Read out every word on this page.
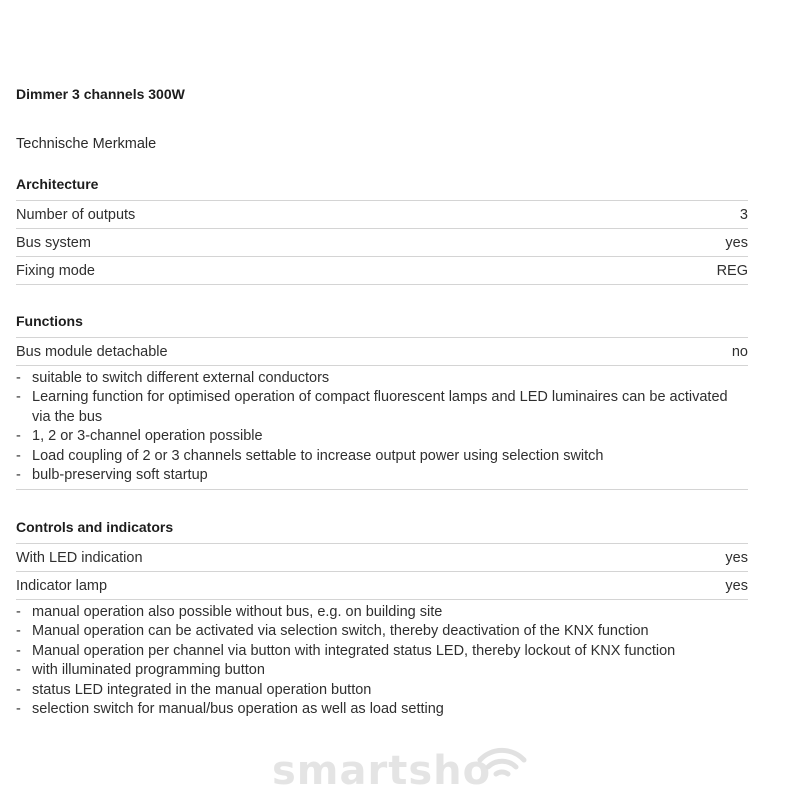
Dimmer 3 channels 300W
Technische Merkmale
Architecture
Number of outputs	3
Bus system	yes
Fixing mode	REG
Functions
Bus module detachable	no
- suitable to switch different external conductors
- Learning function for optimised operation of compact fluorescent lamps and LED luminaires can be activated via the bus
- 1, 2 or 3-channel operation possible
- Load coupling of 2 or 3 channels settable to increase output power using selection switch
- bulb-preserving soft startup
Controls and indicators
With LED indication	yes
Indicator lamp	yes
- manual operation also possible without bus, e.g. on building site
- Manual operation can be activated via selection switch, thereby deactivation of the KNX function
- Manual operation per channel via button with integrated status LED, thereby lockout of KNX function
- with illuminated programming button
- status LED integrated in the manual operation button
- selection switch for manual/bus operation as well as load setting
smartsho
